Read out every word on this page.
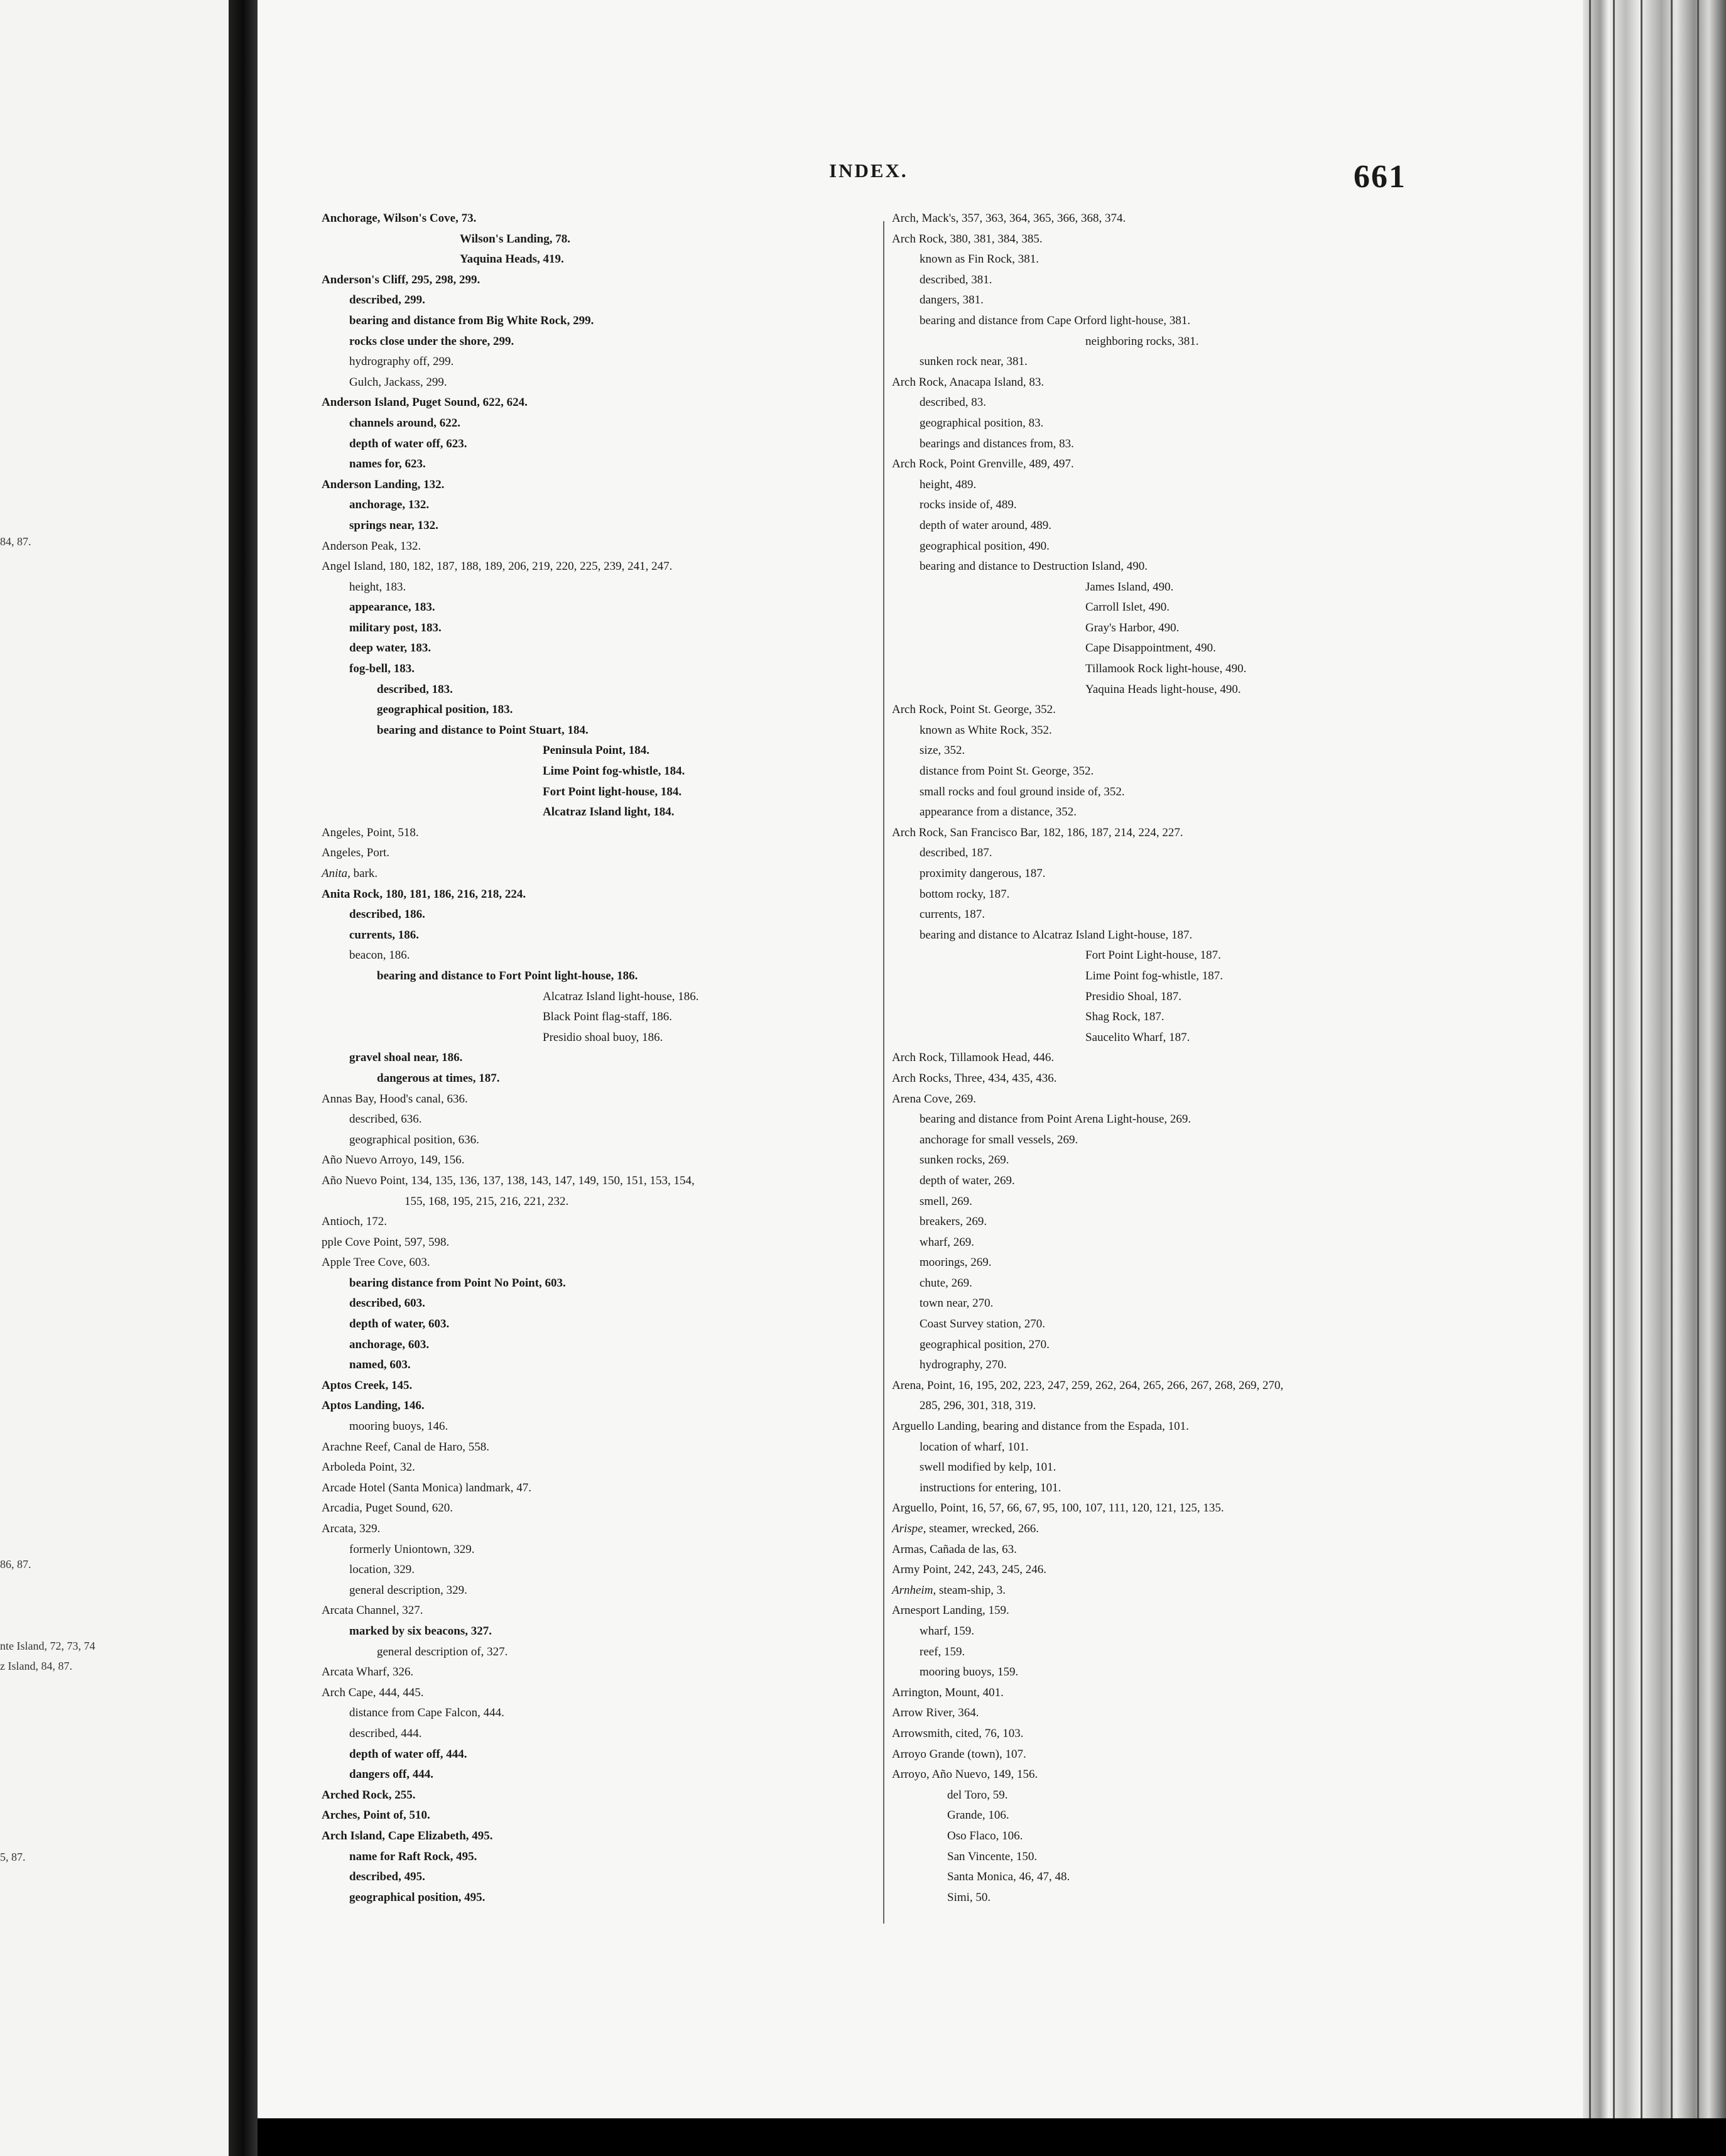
84, 87.
86, 87.
nte Island, 72, 73, 74
z Island, 84, 87.
5, 87.
INDEX.	661

Anchorage, Wilson's Cove, 73.

Wilson's Landing, 78.

Yaquina Heads, 419.

Anderson's Cliff, 295, 298, 299.

described, 299.

bearing and distance from Big White Rock, 299.

rocks close under the shore, 299.

hydrography off, 299.

Gulch, Jackass, 299.

Anderson Island, Puget Sound, 622, 624.

channels around, 622.

depth of water off, 623.

names for, 623.

Anderson Landing, 132.

anchorage, 132.

springs near, 132.

Anderson Peak, 132.

Angel Island, 180, 182, 187, 188, 189, 206, 219, 220, 225, 239, 241, 247.

height, 183.

appearance, 183.

military post, 183.

deep water, 183.

fog-bell, 183.

described, 183.

geographical position, 183.

bearing and distance to Point Stuart, 184.

Peninsula Point, 184.

Lime Point fog-whistle, 184.

Fort Point light-house, 184.

Alcatraz Island light, 184.

Angeles, Point, 518.

Angeles, Port.

Anita, bark.

Anita Rock, 180, 181, 186, 216, 218, 224.

described, 186.

currents, 186.

beacon, 186.

bearing and distance to Fort Point light-house, 186.

Alcatraz Island light-house, 186.

Black Point flag-staff, 186.

Presidio shoal buoy, 186.

gravel shoal near, 186.

dangerous at times, 187.

Annas Bay, Hood's canal, 636.

described, 636.

geographical position, 636.

Año Nuevo Arroyo, 149, 156.

Año Nuevo Point, 134, 135, 136, 137, 138, 143, 147, 149, 150, 151, 153, 154,

155, 168, 195, 215, 216, 221, 232.

Antioch, 172.

pple Cove Point, 597, 598.

Apple Tree Cove, 603.

bearing distance from Point No Point, 603.

described, 603.

depth of water, 603.

anchorage, 603.

named, 603.

Aptos Creek, 145.

Aptos Landing, 146.

mooring buoys, 146.

Arachne Reef, Canal de Haro, 558.

Arboleda Point, 32.

Arcade Hotel (Santa Monica) landmark, 47.

Arcadia, Puget Sound, 620.

Arcata, 329.

formerly Uniontown, 329.

location, 329.

general description, 329.

Arcata Channel, 327.

marked by six beacons, 327.

general description of, 327.

Arcata Wharf, 326.

Arch Cape, 444, 445.

distance from Cape Falcon, 444.

described, 444.

depth of water off, 444.

dangers off, 444.

Arched Rock, 255.

Arches, Point of, 510.

Arch Island, Cape Elizabeth, 495.

name for Raft Rock, 495.

described, 495.

geographical position, 495.

Arch, Mack's, 357, 363, 364, 365, 366, 368, 374.

Arch Rock, 380, 381, 384, 385.

known as Fin Rock, 381.

described, 381.

dangers, 381.

bearing and distance from Cape Orford light-house, 381.

neighboring rocks, 381.

sunken rock near, 381.

Arch Rock, Anacapa Island, 83.

described, 83.

geographical position, 83.

bearings and distances from, 83.

Arch Rock, Point Grenville, 489, 497.

height, 489.

rocks inside of, 489.

depth of water around, 489.

geographical position, 490.

bearing and distance to Destruction Island, 490.

James Island, 490.

Carroll Islet, 490.

Gray's Harbor, 490.

Cape Disappointment, 490.

Tillamook Rock light-house, 490.

Yaquina Heads light-house, 490.

Arch Rock, Point St. George, 352.

known as White Rock, 352.

size, 352.

distance from Point St. George, 352.

small rocks and foul ground inside of, 352.

appearance from a distance, 352.

Arch Rock, San Francisco Bar, 182, 186, 187, 214, 224, 227.

described, 187.

proximity dangerous, 187.

bottom rocky, 187.

currents, 187.

bearing and distance to Alcatraz Island Light-house, 187.

Fort Point Light-house, 187.

Lime Point fog-whistle, 187.

Presidio Shoal, 187.

Shag Rock, 187.

Saucelito Wharf, 187.

Arch Rock, Tillamook Head, 446.

Arch Rocks, Three, 434, 435, 436.

Arena Cove, 269.

bearing and distance from Point Arena Light-house, 269.

anchorage for small vessels, 269.

sunken rocks, 269.

depth of water, 269.

smell, 269.

breakers, 269.

wharf, 269.

moorings, 269.

chute, 269.

town near, 270.

Coast Survey station, 270.

geographical position, 270.

hydrography, 270.

Arena, Point, 16, 195, 202, 223, 247, 259, 262, 264, 265, 266, 267, 268, 269, 270,

285, 296, 301, 318, 319.

Arguello Landing, bearing and distance from the Espada, 101.

location of wharf, 101.

swell modified by kelp, 101.

instructions for entering, 101.

Arguello, Point, 16, 57, 66, 67, 95, 100, 107, 111, 120, 121, 125, 135.

Arispe, steamer, wrecked, 266.

Armas, Cañada de las, 63.

Army Point, 242, 243, 245, 246.

Arnheim, steam-ship, 3.

Arnesport Landing, 159.

wharf, 159.

reef, 159.

mooring buoys, 159.

Arrington, Mount, 401.

Arrow River, 364.

Arrowsmith, cited, 76, 103.

Arroyo Grande (town), 107.

Arroyo, Año Nuevo, 149, 156.

del Toro, 59.

Grande, 106.

Oso Flaco, 106.

San Vincente, 150.

Santa Monica, 46, 47, 48.

Simi, 50.
